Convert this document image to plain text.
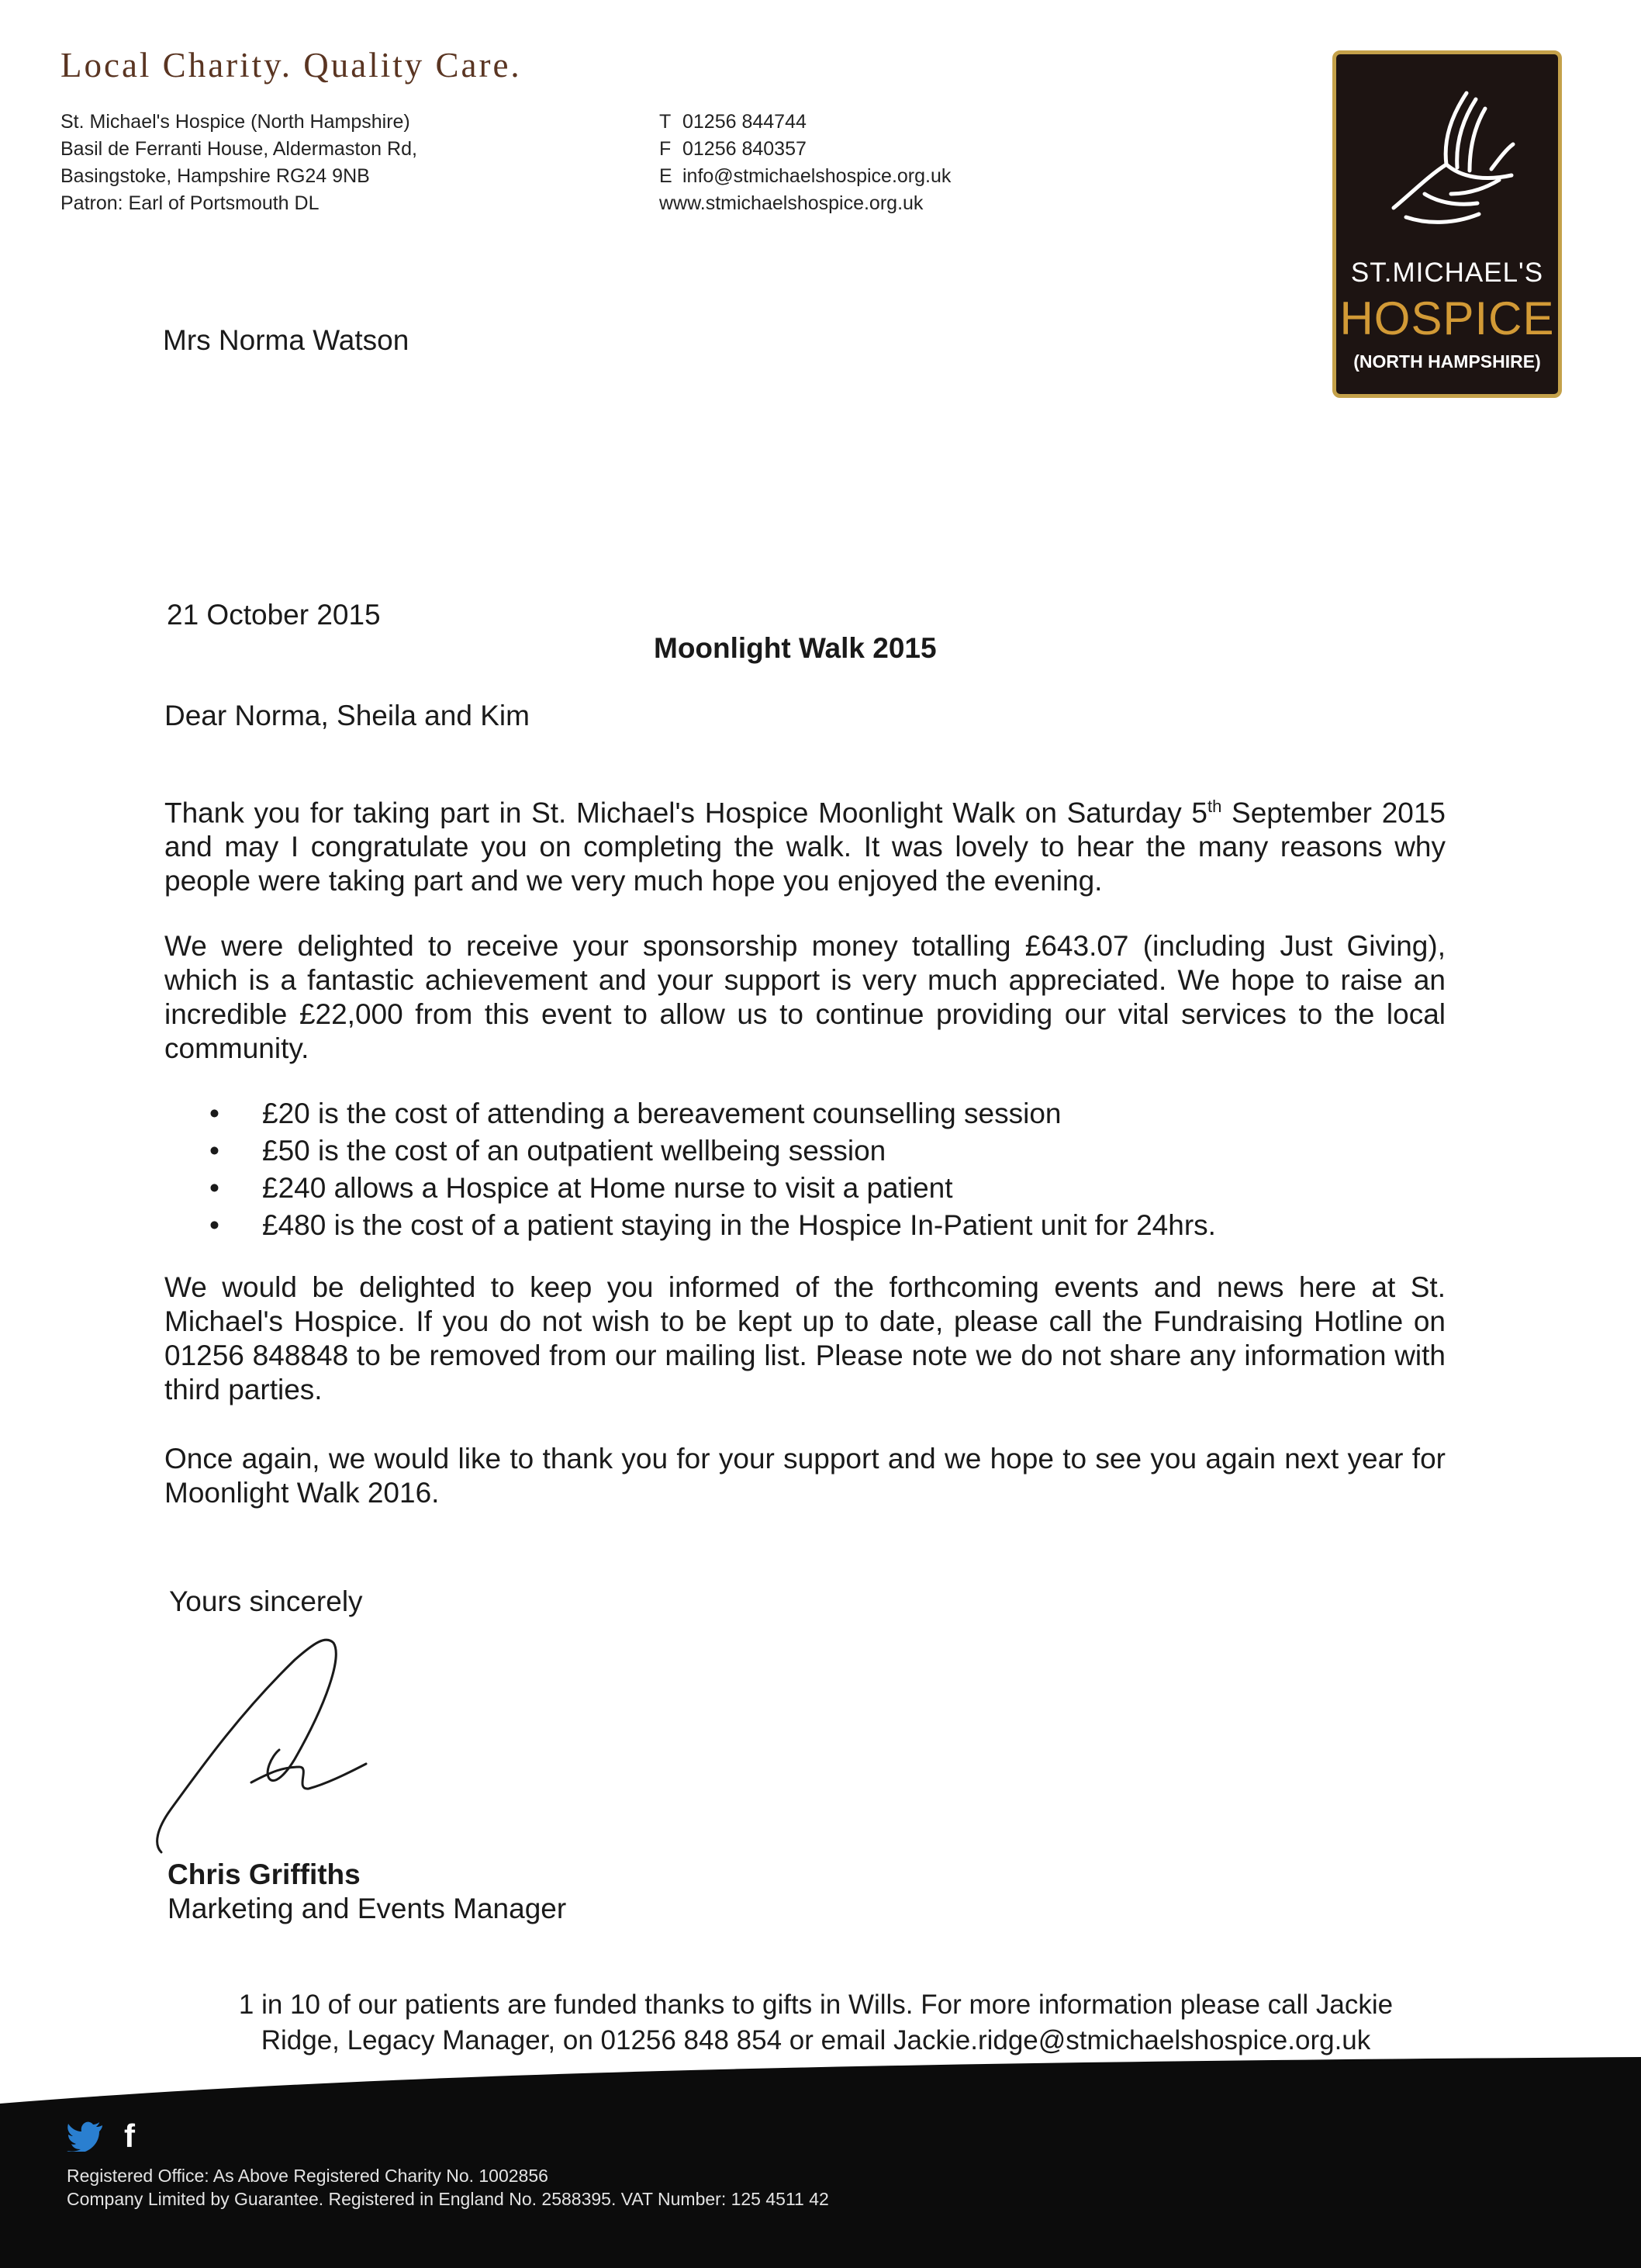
Local Charity. Quality Care.
St. Michael's Hospice (North Hampshire)
Basil de Ferranti House, Aldermaston Rd,
Basingstoke, Hampshire RG24 9NB
Patron: Earl of Portsmouth DL
T 01256 844744
F 01256 840357
E info@stmichaelshospice.org.uk
www.stmichaelshospice.org.uk
ST.MICHAEL'S
HOSPICE
(NORTH HAMPSHIRE)
Mrs Norma Watson
21 October 2015
Moonlight Walk 2015
Dear Norma, Sheila and Kim
Thank you for taking part in St. Michael's Hospice Moonlight Walk on Saturday 5th September 2015 and may I congratulate you on completing the walk. It was lovely to hear the many reasons why people were taking part and we very much hope you enjoyed the evening.
We were delighted to receive your sponsorship money totalling £643.07 (including Just Giving), which is a fantastic achievement and your support is very much appreciated. We hope to raise an incredible £22,000 from this event to allow us to continue providing our vital services to the local community.
•	£20 is the cost of attending a bereavement counselling session
•	£50 is the cost of an outpatient wellbeing session
•	£240 allows a Hospice at Home nurse to visit a patient
•	£480 is the cost of a patient staying in the Hospice In-Patient unit for 24hrs.
We would be delighted to keep you informed of the forthcoming events and news here at St. Michael's Hospice. If you do not wish to be kept up to date, please call the Fundraising Hotline on 01256 848848 to be removed from our mailing list. Please note we do not share any information with third parties.
Once again, we would like to thank you for your support and we hope to see you again next year for Moonlight Walk 2016.
Yours sincerely
Chris Griffiths
Marketing and Events Manager
1 in 10 of our patients are funded thanks to gifts in Wills. For more information please call Jackie
Ridge, Legacy Manager, on 01256 848 854 or email Jackie.ridge@stmichaelshospice.org.uk
f
Registered Office: As Above Registered Charity No. 1002856
Company Limited by Guarantee. Registered in England No. 2588395. VAT Number: 125 4511 42
